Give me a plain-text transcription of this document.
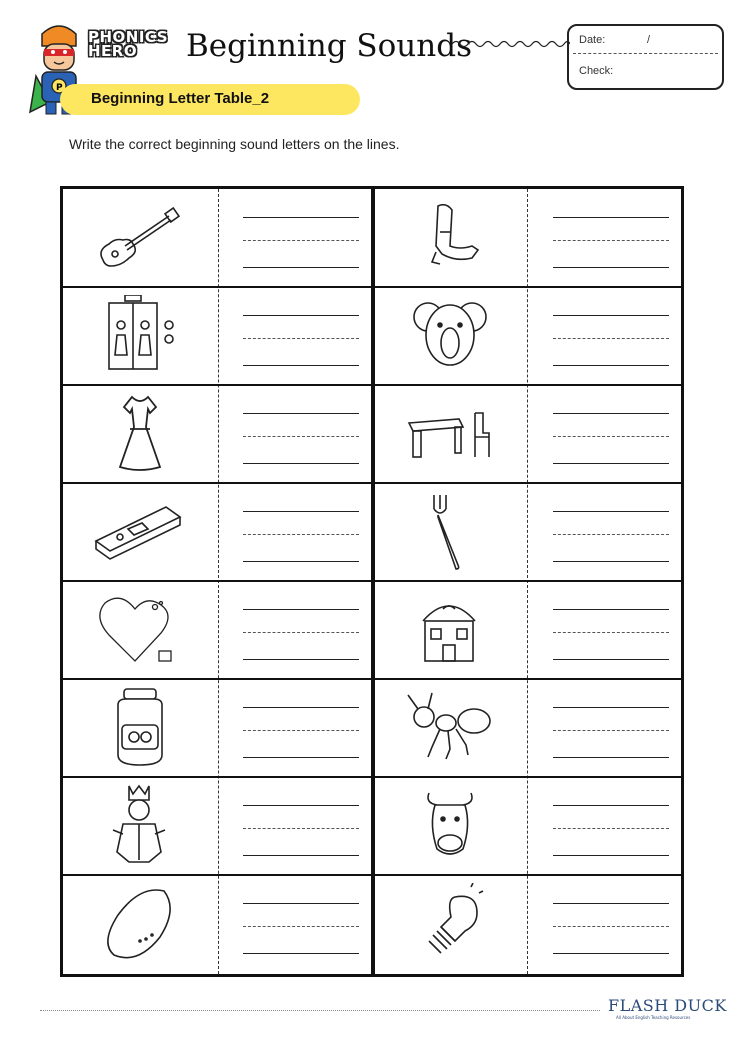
P
PHONICS
HERO	Beginning Sounds	Date:	/
Check:
Beginning Letter Table_2
Write the correct beginning sound letters on the lines.
FLASH DUCK
All About English Teaching Resources
